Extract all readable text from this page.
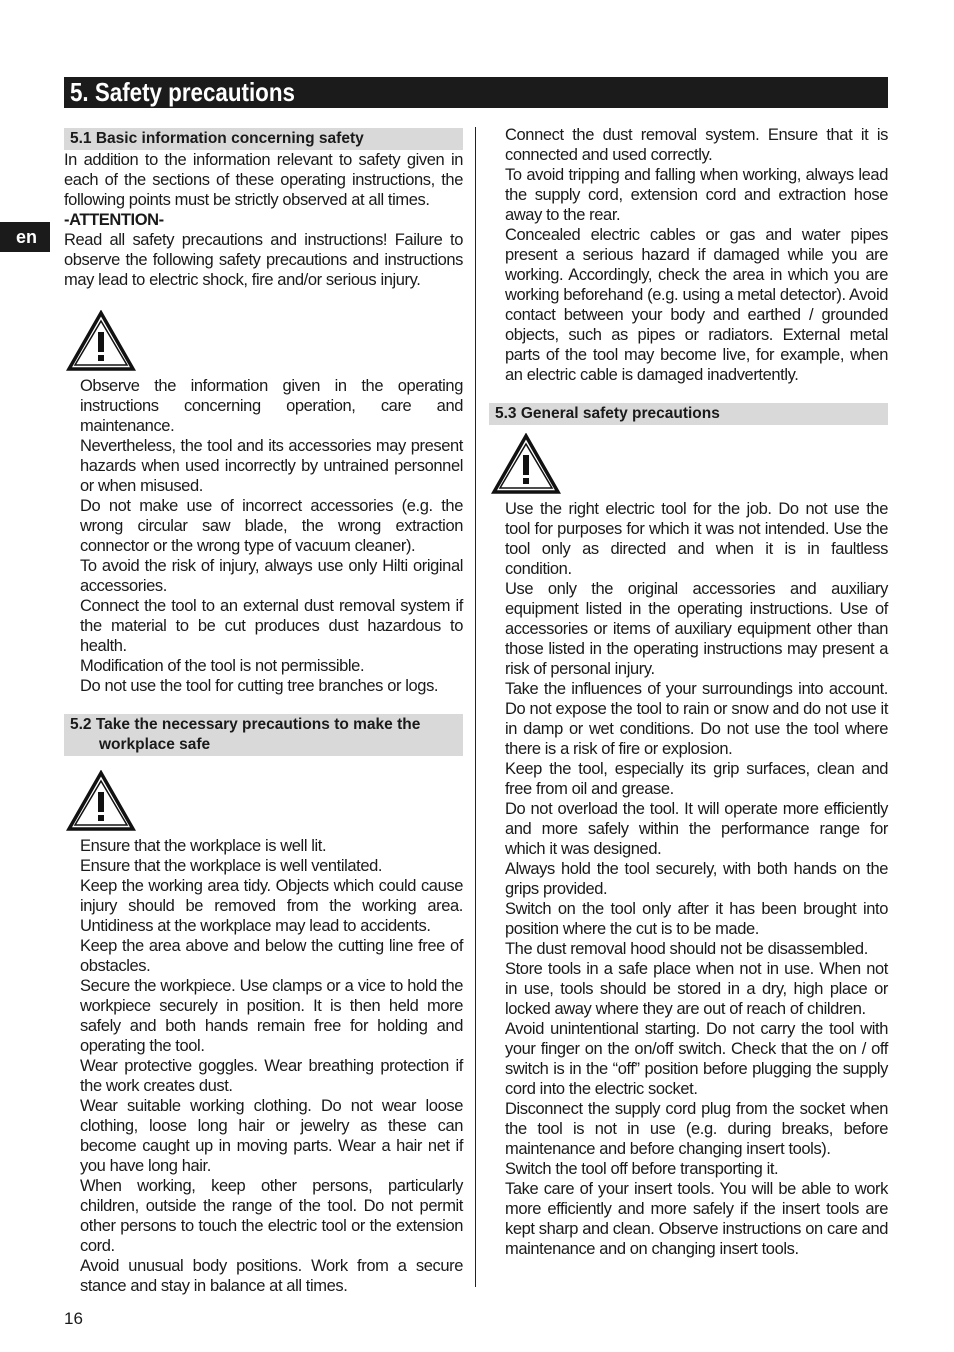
5. Safety precautions
en
5.1 Basic information concerning safety

In addition to the information relevant to safety given in each of the sections of these operating instructions, the following points must be strictly observed at all times.

-ATTENTION-

Read all safety precautions and instructions! Failure to observe the following safety precautions and instructions may lead to electric shock, fire and/or serious injury.

Observe the information given in the operating instructions concerning operation, care and maintenance.

Nevertheless, the tool and its accessories may present hazards when used incorrectly by untrained personnel or when misused.

Do not make use of incorrect accessories (e.g. the wrong circular saw blade, the wrong extraction connector or the wrong type of vacuum cleaner).

To avoid the risk of injury, always use only Hilti original accessories.

Connect the tool to an external dust removal system if the material to be cut produces dust hazardous to health.

Modification of the tool is not permissible.

Do not use the tool for cutting tree branches or logs.

5.2 Take the necessary precautions to make the
workplace safe

Ensure that the workplace is well lit.

Ensure that the workplace is well ventilated.

Keep the working area tidy. Objects which could cause injury should be removed from the working area. Untidiness at the workplace may lead to accidents.

Keep the area above and below the cutting line free of obstacles.

Secure the workpiece. Use clamps or a vice to hold the workpiece securely in position. It is then held more safely and both hands remain free for holding and operating the tool.

Wear protective goggles. Wear breathing protection if the work creates dust.

Wear suitable working clothing. Do not wear loose clothing, loose long hair or jewelry as these can become caught up in moving parts. Wear a hair net if you have long hair.

When working, keep other persons, particularly children, outside the range of the tool. Do not permit other persons to touch the electric tool or the extension cord.

Avoid unusual body positions. Work from a secure stance and stay in balance at all times.

Connect the dust removal system. Ensure that it is connected and used correctly.

To avoid tripping and falling when working, always lead the supply cord, extension cord and extraction hose away to the rear.

Concealed electric cables or gas and water pipes present a serious hazard if damaged while you are working. Accordingly, check the area in which you are working beforehand (e.g. using a metal detector). Avoid contact between your body and earthed / grounded objects, such as pipes or radiators. External metal parts of the tool may become live, for example, when an electric cable is damaged inadvertently.

5.3 General safety precautions

Use the right electric tool for the job. Do not use the tool for purposes for which it was not intended. Use the tool only as directed and when it is in faultless condition.

Use only the original accessories and auxiliary equipment listed in the operating instructions. Use of accessories or items of auxiliary equipment other than those listed in the operating instructions may present a risk of personal injury.

Take the influences of your surroundings into account. Do not expose the tool to rain or snow and do not use it in damp or wet conditions. Do not use the tool where there is a risk of fire or explosion.

Keep the tool, especially its grip surfaces, clean and free from oil and grease.

Do not overload the tool. It will operate more efficiently and more safely within the performance range for which it was designed.

Always hold the tool securely, with both hands on the grips provided.

Switch on the tool only after it has been brought into position where the cut is to be made.

The dust removal hood should not be disassembled.

Store tools in a safe place when not in use. When not in use, tools should be stored in a dry, high place or locked away where they are out of reach of children.

Avoid unintentional starting. Do not carry the tool with your finger on the on/off switch. Check that the on / off switch is in the “off” position before plugging the supply cord into the electric socket.

Disconnect the supply cord plug from the socket when the tool is not in use (e.g. during breaks, before maintenance and before changing insert tools).

Switch the tool off before transporting it.

Take care of your insert tools. You will be able to work more efficiently and more safely if the insert tools are kept sharp and clean. Observe instructions on care and maintenance and on changing insert tools.

16
